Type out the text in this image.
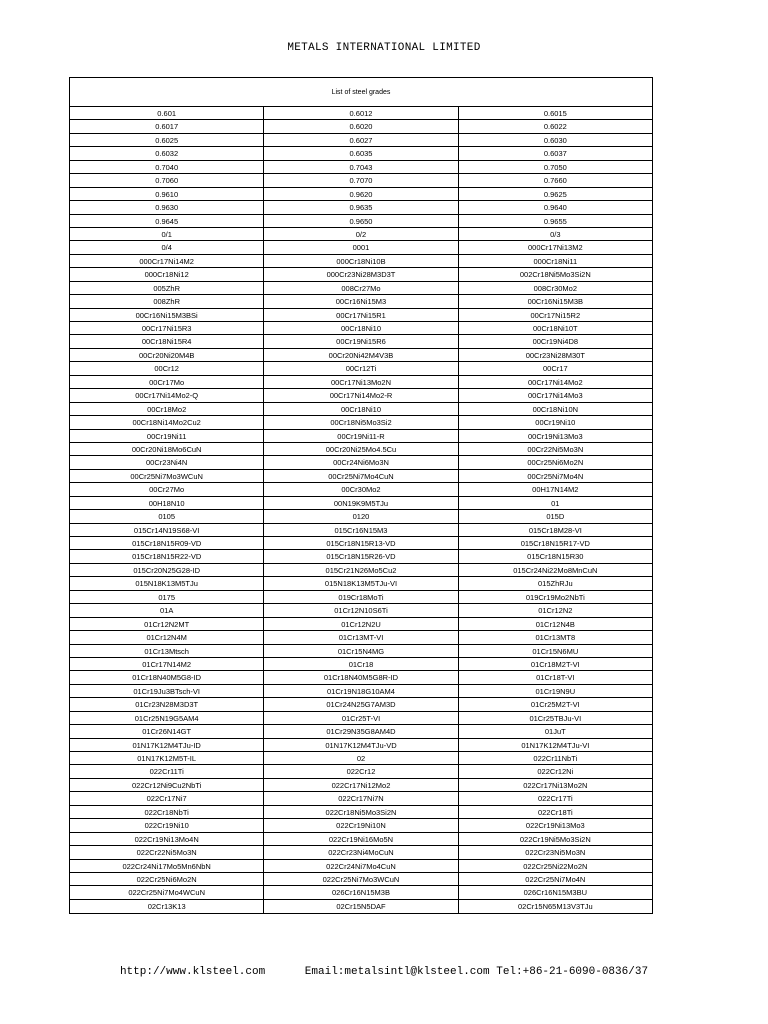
METALS INTERNATIONAL LIMITED
List of steel grades
0.601	0.6012	0.6015
0.6017	0.6020	0.6022
0.6025	0.6027	0.6030
0.6032	0.6035	0.6037
0.7040	0.7043	0.7050
0.7060	0.7070	0.7660
0.9610	0.9620	0.9625
0.9630	0.9635	0.9640
0.9645	0.9650	0.9655
0/1	0/2	0/3
0/4	0001	000Cr17Ni13M2
000Cr17Ni14M2	000Cr18Ni10B	000Cr18Ni11
000Cr18Ni12	000Cr23Ni28M3D3T	002Cr18Ni5Mo3Si2N
005ZhR	008Cr27Mo	008Cr30Mo2
008ZhR	00Cr16Ni15M3	00Cr16Ni15M3B
00Cr16Ni15M3BSi	00Cr17Ni15R1	00Cr17Ni15R2
00Cr17Ni15R3	00Cr18Ni10	00Cr18Ni10T
00Cr18Ni15R4	00Cr19Ni15R6	00Cr19Ni4D8
00Cr20Ni20M4B	00Cr20Ni42M4V3B	00Cr23Ni28M30T
00Cr12	00Cr12Ti	00Cr17
00Cr17Mo	00Cr17Ni13Mo2N	00Cr17Ni14Mo2
00Cr17Ni14Mo2-Q	00Cr17Ni14Mo2-R	00Cr17Ni14Mo3
00Cr18Mo2	00Cr18Ni10	00Cr18Ni10N
00Cr18Ni14Mo2Cu2	00Cr18Ni5Mo3Si2	00Cr19Ni10
00Cr19Ni11	00Cr19Ni11-R	00Cr19Ni13Mo3
00Cr20Ni18Mo6CuN	00Cr20Ni25Mo4.5Cu	00Cr22Ni5Mo3N
00Cr23Ni4N	00Cr24Ni6Mo3N	00Cr25Ni6Mo2N
00Cr25Ni7Mo3WCuN	00Cr25Ni7Mo4CuN	00Cr25Ni7Mo4N
00Cr27Mo	00Cr30Mo2	00H17N14M2
00H18N10	00N19K9M5TJu	01
0105	0120	015D
015Cr14N19S68-VI	015Cr16N15M3	015Cr18M28-VI
015Cr18N15R09-VD	015Cr18N15R13-VD	015Cr18N15R17-VD
015Cr18N15R22-VD	015Cr18N15R26-VD	015Cr18N15R30
015Cr20N25G28-ID	015Cr21N26Mo5Cu2	015Cr24Ni22Mo8MnCuN
015N18K13M5TJu	015N18K13M5TJu-VI	015ZhRJu
0175	019Cr18MoTi	019Cr19Mo2NbTi
01A	01Cr12N10S6Ti	01Cr12N2
01Cr12N2MT	01Cr12N2U	01Cr12N4B
01Cr12N4M	01Cr13MT-VI	01Cr13MT8
01Cr13Mtsch	01Cr15N4MG	01Cr15N6MU
01Cr17N14M2	01Cr18	01Cr18M2T-VI
01Cr18N40M5G8-ID	01Cr18N40M5G8R-ID	01Cr18T-VI
01Cr19Ju3BTsch-VI	01Cr19N18G10AM4	01Cr19N9U
01Cr23N28M3D3T	01Cr24N25G7AM3D	01Cr25M2T-VI
01Cr25N19G5AM4	01Cr25T-VI	01Cr25TBJu-VI
01Cr26N14GT	01Cr29N35G8AM4D	01JuT
01N17K12M4TJu-ID	01N17K12M4TJu-VD	01N17K12M4TJu-VI
01N17K12M5T-IL	02	022Cr11NbTi
022Cr11Ti	022Cr12	022Cr12Ni
022Cr12Ni9Cu2NbTi	022Cr17Ni12Mo2	022Cr17Ni13Mo2N
022Cr17Ni7	022Cr17Ni7N	022Cr17Ti
022Cr18NbTi	022Cr18Ni5Mo3Si2N	022Cr18Ti
022Cr19Ni10	022Cr19Ni10N	022Cr19Ni13Mo3
022Cr19Ni13Mo4N	022Cr19Ni16Mo5N	022Cr19Ni5Mo3Si2N
022Cr22Ni5Mo3N	022Cr23Ni4MoCuN	022Cr23Ni5Mo3N
022Cr24Ni17Mo5Mn6NbN	022Cr24Ni7Mo4CuN	022Cr25Ni22Mo2N
022Cr25Ni6Mo2N	022Cr25Ni7Mo3WCuN	022Cr25Ni7Mo4N
022Cr25Ni7Mo4WCuN	026Cr16N15M3B	026Cr16N15M3BU
02Cr13K13	02Cr15N5DAF	02Cr15N65M13V3TJu
http://www.klsteel.com      Email:metalsintl@klsteel.com Tel:+86-21-6090-0836/37
